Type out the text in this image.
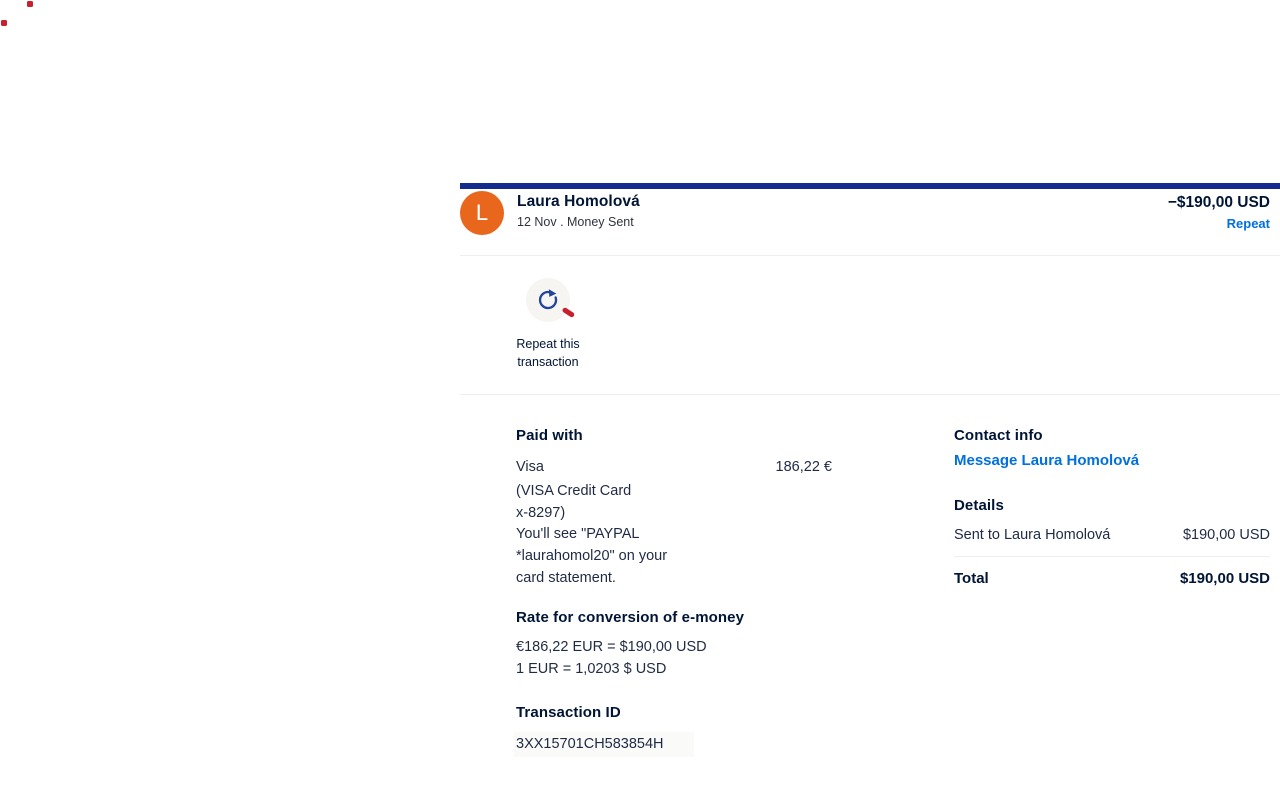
L Laura Homolová
12 Nov . Money Sent
−$190,00 USD
Repeat
Repeat this
transaction
Paid with
Visa	186,22 €
(VISA Credit Card
x-8297)
You'll see "PAYPAL
*laurahomol20" on your
card statement.
Rate for conversion of e-money
€186,22 EUR = $190,00 USD
1 EUR = 1,0203 $ USD
Transaction ID
3XX15701CH583854H
Contact info
Message Laura Homolová
Details
Sent to Laura Homolová	$190,00 USD
Total	$190,00 USD
